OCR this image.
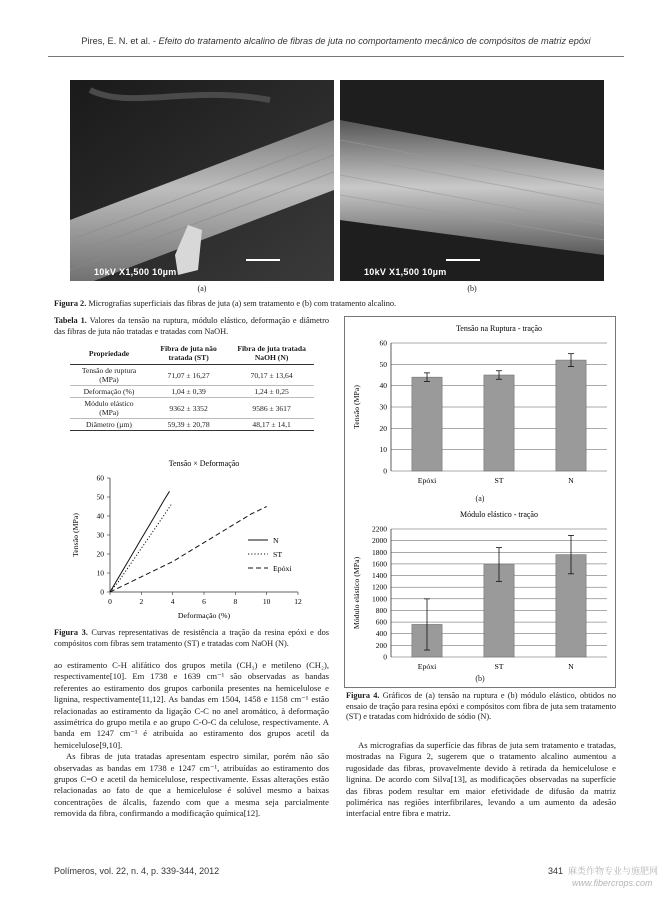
Pires, E. N. et al. - Efeito do tratamento alcalino de fibras de juta no comportamento mecânico de compósitos de matriz epóxi
10kV X1,500 10µm	10kV X1,500 10µm
(a)	(b)
Figura 2. Micrografias superficiais das fibras de juta (a) sem tratamento e (b) com tratamento alcalino.
Tabela 1. Valores da tensão na ruptura, módulo elástico, deformação e diâmetro das fibras de juta não tratadas e tratadas com NaOH.
Propriedade	Fibra de juta não tratada (ST)	Fibra de juta tratada NaOH (N)
Tensão de ruptura (MPa)	71,07 ± 16,27	70,17 ± 13,64
Deformação (%)	1,04 ± 0,39	1,24 ± 0,25
Módulo elástico (MPa)	9362 ± 3352	9586 ± 3617
Diâmetro (µm)	59,39 ± 20,78	48,17 ± 14,1
Tensão × Deformação
0	2	4	6	8	10	12
0
10
20
30
40
50
60
Deformação (%)
Tensão (MPa)	N
ST
Epóxi
Figura 3. Curvas representativas de resistência a tração da resina epóxi e dos compósitos com fibras sem tratamento (ST) e tratadas com NaOH (N).
Tensão na Ruptura - tração
0
10
20
30
40
50
60
Tensão (MPa)
Epóxi	ST	N
(a)
Módulo elástico - tração
0
200
400
600
800
1000
1200
1400
1600
1800
2000
2200
Módulo elástico (MPa)
Epóxi	ST	N
(b)
Figura 4. Gráficos de (a) tensão na ruptura e (b) módulo elástico, obtidos no ensaio de tração para resina epóxi e compósitos com fibra de juta sem tratamento (ST) e tratadas com hidróxido de sódio (N).

ao estiramento C-H alifático dos grupos metila (CH₃) e metileno (CH₂), respectivamente[10]. Em 1738 e 1639 cm⁻¹ são observadas as bandas referentes ao estiramento dos grupos carbonila presentes na hemicelulose e lignina, respectivamente[11,12]. As bandas em 1504, 1458 e 1158 cm⁻¹ estão relacionadas ao estiramento da ligação C-C no anel aromático, à deformação assimétrica do grupo metila e ao grupo C-O-C da celulose, respectivamente. A banda em 1247 cm⁻¹ é atribuída ao estiramento dos grupos acetil da hemicelulose[9,10].

As fibras de juta tratadas apresentam espectro similar, porém não são observadas as bandas em 1738 e 1247 cm⁻¹, atribuídas ao estiramento dos grupos C=O e acetil da hemicelulose, respectivamente. Essas alterações estão relacionadas ao fato de que a hemicelulose é solúvel mesmo a baixas concentrações de álcalis, fazendo com que a mesma seja parcialmente removida da fibra, confirmando a modificação química[12].

As micrografias da superfície das fibras de juta sem tratamento e tratadas, mostradas na Figura 2, sugerem que o tratamento alcalino aumentou a rugosidade das fibras, provavelmente devido à retirada da hemicelulose e lignina. De acordo com Silva[13], as modificações observadas na superfície das fibras podem resultar em maior efetividade de difusão da matriz polimérica nas regiões interfibrilares, levando a um aumento da adesão interfacial entre fibra e matriz.

Polímeros, vol. 22, n. 4, p. 339-344, 2012	341 麻类作物专业与施肥网
www.fibercrops.com
